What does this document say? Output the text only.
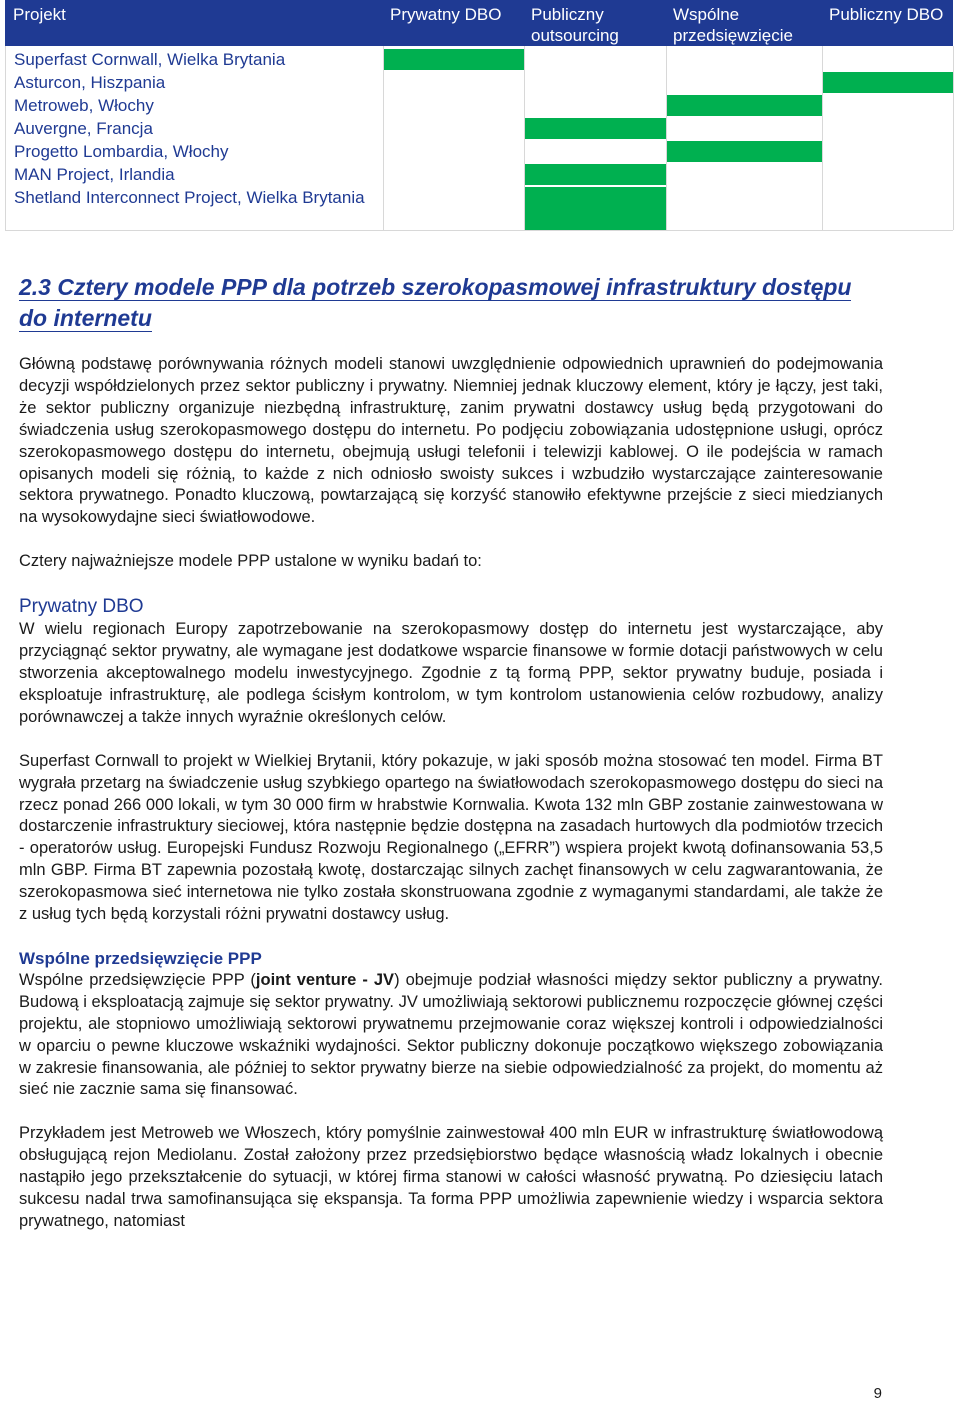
Projekt	Prywatny DBO	Publiczny outsourcing
Wspólne przedsięwzięcie
Publiczny DBO
Superfast Cornwall, Wielka Brytania
Asturcon, Hiszpania
Metroweb, Włochy
Auvergne, Francja
Progetto Lombardia, Włochy
MAN Project, Irlandia
Shetland Interconnect Project, Wielka Brytania
2.3 Cztery modele PPP dla potrzeb szerokopasmowej infrastruktury dostępu do internetu

Główną podstawę porównywania różnych modeli stanowi uwzględnienie odpowiednich uprawnień do podejmowania decyzji współdzielonych przez sektor publiczny i prywatny. Niemniej jednak kluczowy element, który je łączy, jest taki, że sektor publiczny organizuje niezbędną infrastrukturę, zanim prywatni dostawcy usług będą przygotowani do świadczenia usług szerokopasmowego dostępu do internetu. Po podjęciu zobowiązania udostępnione usługi, oprócz szerokopasmowego dostępu do internetu, obejmują usługi telefonii i telewizji kablowej. O ile podejścia w ramach opisanych modeli się różnią, to każde z nich odniosło swoisty sukces i wzbudziło wystarczające zainteresowanie sektora prywatnego. Ponadto kluczową, powtarzającą się korzyść stanowiło efektywne przejście z sieci miedzianych na wysokowydajne sieci światłowodowe.

Cztery najważniejsze modele PPP ustalone w wyniku badań to:

Prywatny DBO

W wielu regionach Europy zapotrzebowanie na szerokopasmowy dostęp do internetu jest wystarczające, aby przyciągnąć sektor prywatny, ale wymagane jest dodatkowe wsparcie finansowe w formie dotacji państwowych w celu stworzenia akceptowalnego modelu inwestycyjnego. Zgodnie z tą formą PPP, sektor prywatny buduje, posiada i eksploatuje infrastrukturę, ale podlega ścisłym kontrolom, w tym kontrolom ustanowienia celów rozbudowy, analizy porównawczej a także innych wyraźnie określonych celów.

Superfast Cornwall to projekt w Wielkiej Brytanii, który pokazuje, w jaki sposób można stosować ten model. Firma BT wygrała przetarg na świadczenie usług szybkiego opartego na światłowodach szerokopasmowego dostępu do sieci na rzecz ponad 266 000 lokali, w tym 30 000 firm w hrabstwie Kornwalia. Kwota 132 mln GBP zostanie zainwestowana w dostarczenie infrastruktury sieciowej, która następnie będzie dostępna na zasadach hurtowych dla podmiotów trzecich - operatorów usług. Europejski Fundusz Rozwoju Regionalnego („EFRR”) wspiera projekt kwotą dofinansowania 53,5 mln GBP. Firma BT zapewnia pozostałą kwotę, dostarczając silnych zachęt finansowych w celu zagwarantowania, że szerokopasmowa sieć internetowa nie tylko została skonstruowana zgodnie z wymaganymi standardami, ale także że z usług tych będą korzystali różni prywatni dostawcy usług.

Wspólne przedsięwzięcie PPP

Wspólne przedsięwzięcie PPP (joint venture - JV) obejmuje podział własności między sektor publiczny a prywatny. Budową i eksploatacją zajmuje się sektor prywatny. JV umożliwiają sektorowi publicznemu rozpoczęcie głównej części projektu, ale stopniowo umożliwiają sektorowi prywatnemu przejmowanie coraz większej kontroli i odpowiedzialności w oparciu o pewne kluczowe wskaźniki wydajności. Sektor publiczny dokonuje początkowo większego zobowiązania w zakresie finansowania, ale później to sektor prywatny bierze na siebie odpowiedzialność za projekt, do momentu aż sieć nie zacznie sama się finansować.

Przykładem jest Metroweb we Włoszech, który pomyślnie zainwestował 400 mln EUR w infrastrukturę światłowodową obsługującą rejon Mediolanu. Został założony przez przedsiębiorstwo będące własnością władz lokalnych i obecnie nastąpiło jego przekształcenie do sytuacji, w której firma stanowi w całości własność prywatną. Po dziesięciu latach sukcesu nadal trwa samofinansująca się ekspansja. Ta forma PPP umożliwia zapewnienie wiedzy i wsparcia sektora prywatnego, natomiast

9
